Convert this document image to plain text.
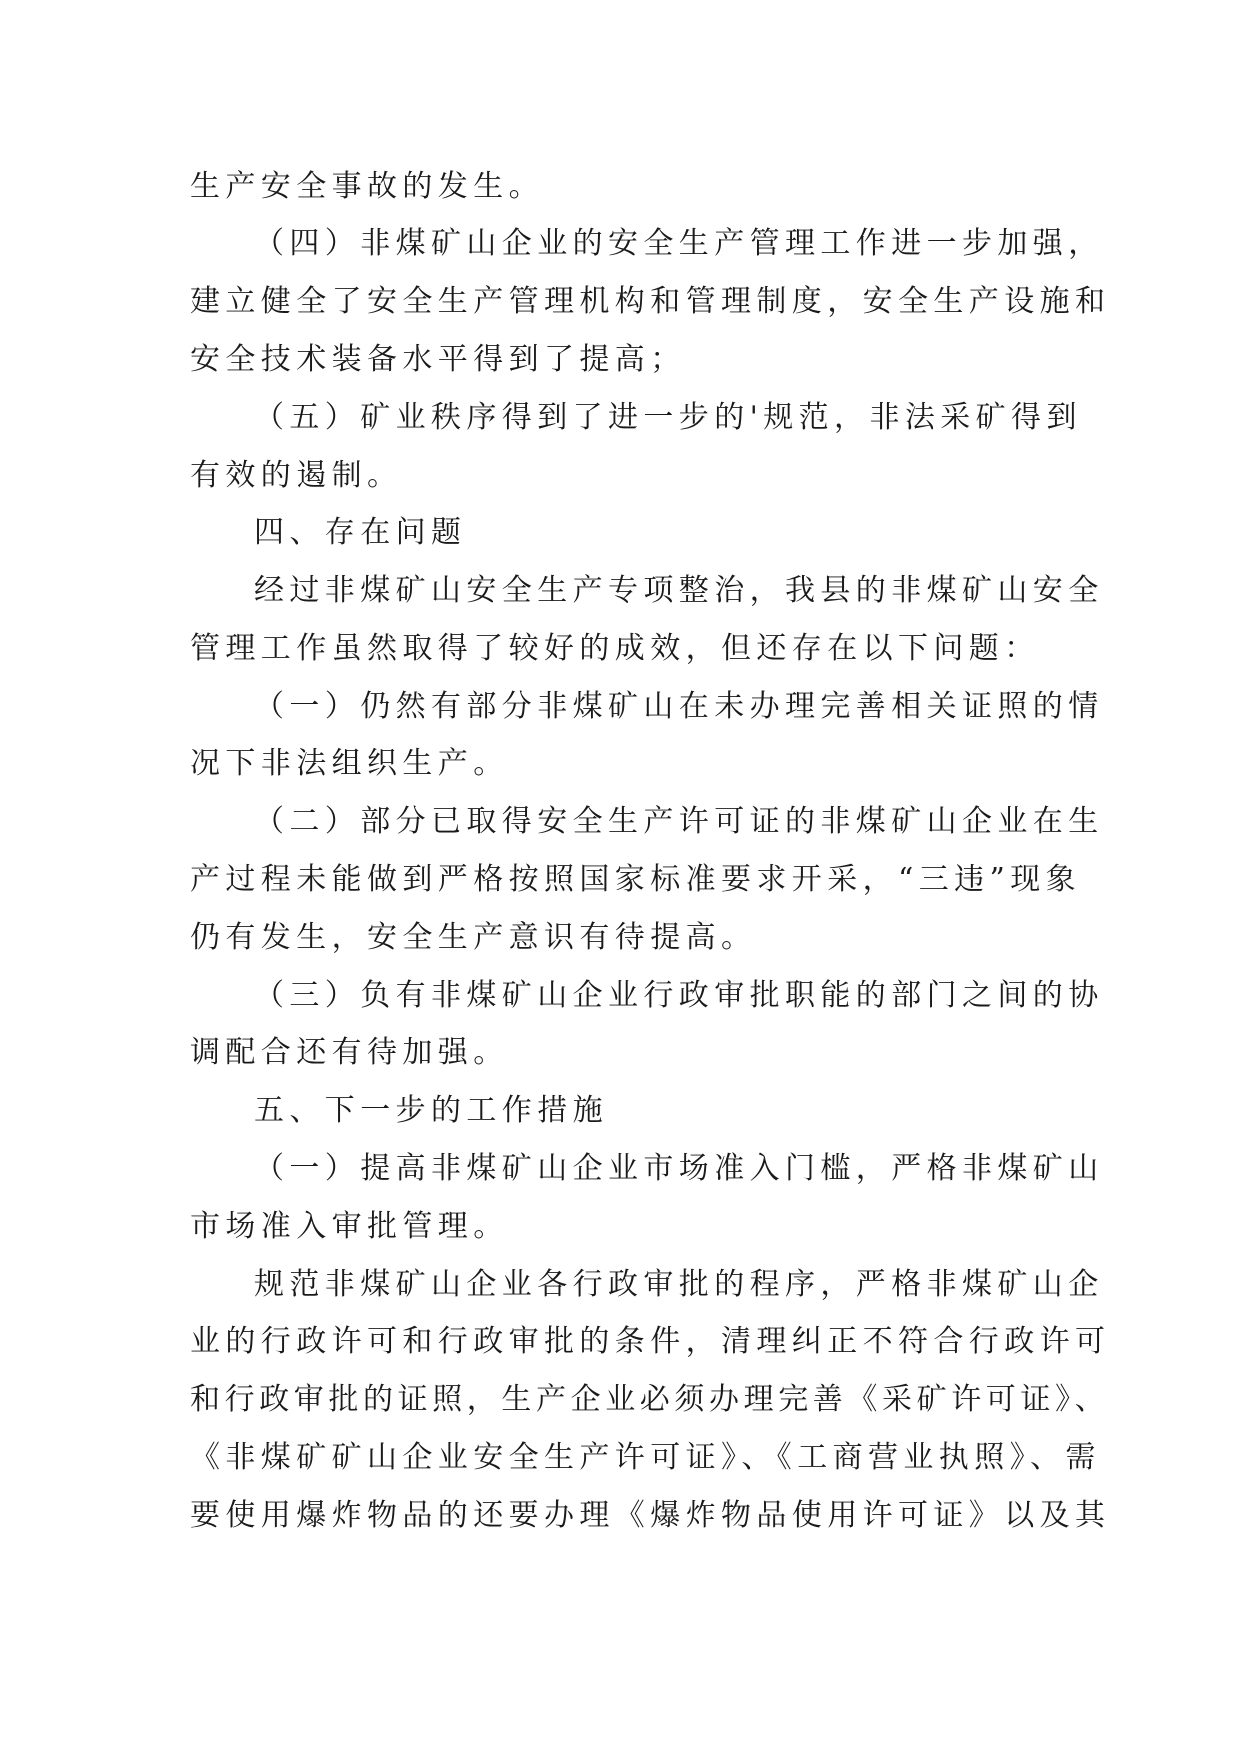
生产安全事故的发生。
（四）非煤矿山企业的安全生产管理工作进一步加强，
建立健全了安全生产管理机构和管理制度，安全生产设施和
安全技术装备水平得到了提高；
（五）矿业秩序得到了进一步的'规范，非法采矿得到
有效的遏制。
四、存在问题
经过非煤矿山安全生产专项整治，我县的非煤矿山安全
管理工作虽然取得了较好的成效，但还存在以下问题：
（一）仍然有部分非煤矿山在未办理完善相关证照的情
况下非法组织生产。
（二）部分已取得安全生产许可证的非煤矿山企业在生
产过程未能做到严格按照国家标准要求开采，“三违”现象
仍有发生，安全生产意识有待提高。
（三）负有非煤矿山企业行政审批职能的部门之间的协
调配合还有待加强。
五、下一步的工作措施
（一）提高非煤矿山企业市场准入门槛，严格非煤矿山
市场准入审批管理。
规范非煤矿山企业各行政审批的程序，严格非煤矿山企
业的行政许可和行政审批的条件，清理纠正不符合行政许可
和行政审批的证照，生产企业必须办理完善《采矿许可证》、
《非煤矿矿山企业安全生产许可证》、《工商营业执照》、需
要使用爆炸物品的还要办理《爆炸物品使用许可证》以及其
